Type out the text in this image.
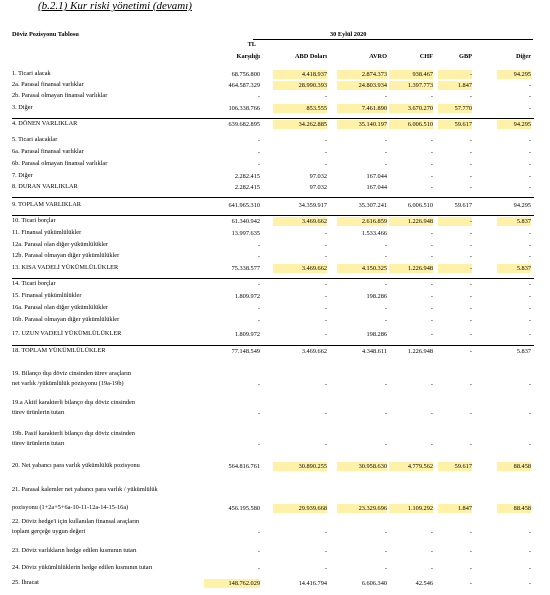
(b.2.1) Kur riski yönetimi (devamı)
Döviz Pozisyonu Tablosu	30 Eylül 2020
TL
Karşılığı	ABD Doları	AVRO	CHF	GBP	Diğer
1. Ticari alacak	68.756.800	4.418.937	2.874.373	938.467	-	94.295
2a. Parasal finansal varlıklar	464.587.329	28.990.393	24.803.934	1.397.773	1.847	-
2b. Parasal olmayan finansal varlıklar	-	-	-	-	-	-
3. Diğer	106.338.766	853.555	7.461.890	3.670.270	57.770	-
4. DÖNEN VARLIKLAR	639.682.895	34.262.885	35.140.197	6.006.510	59.617	94.295
5. Ticari alacaklar	-	-	-	-	-	-
6a. Parasal finansal varlıklar	-	-	-	-	-	-
6b. Parasal olmayan finansal varlıklar	-	-	-	-	-	-
7. Diğer	2.282.415	97.032	167.044	-	-	-
8. DURAN VARLIKLAR	2.282.415	97.032	167.044	-	-	-
9. TOPLAM VARLIKLAR	641.965.310	34.359.917	35.307.241	6.006.510	59.617	94.295
10. Ticari borçlar	61.340.942	3.469.662	2.616.859	1.226.948	-	5.837
11. Finansal yükümlülükler	13.997.635	-	1.533.466	-	-	-
12a. Parasal olan diğer yükümlülükler	-	-	-	-	-	-
12b. Parasal olmayan diğer yükümlülükler	-	-	-	-	-	-
13. KISA VADELİ YÜKÜMLÜLÜKLER	75.338.577	3.469.662	4.150.325	1.226.948	-	5.837
14. Ticari borçlar	-	-	-	-	-	-
15. Finansal yükümlülükler	1.809.972	-	198.286	-	-	-
16a. Parasal olan diğer yükümlülükler	-	-	-	-	-	-
16b. Parasal olmayan diğer yükümlülükler	-	-	-	-	-	-
17. UZUN VADELİ YÜKÜMLÜLÜKLER	1.809.972	-	198.286	-	-	-
18. TOPLAM YÜKÜMLÜLÜKLER	77.148.549	3.469.662	4.348.611	1.226.948	-	5.837
19. Bilanço dışı döviz cinsinden türev araçların
net varlık /yükümlülük pozisyonu (19a-19b)	-	-	-	-	-	-
19.a Aktif karakterli bilanço dışı döviz cinsinden
türev ürünlerin tutarı	-	-	-	-	-	-
19b. Pasif karakterli bilanço dışı döviz cinsinden
türev ürünlerin tutarı	-	-	-	-	-	-
20. Net yabancı para varlık yükümlülük pozisyonu	564.816.761	30.890.255	30.958.630	4.779.562	59.617	88.458
21. Parasal kalemler net yabancı para varlık / yükümlülük
pozisyonu (1+2a+5+6a-10-11-12a-14-15-16a)	456.195.580	29.939.668	23.329.696	1.109.292	1.847	88.458
22. Döviz hedge'i için kullanılan finansal araçların
toplam gerçeğe uygun değeri	-	-	-	-	-	-
23. Döviz varlıkların hedge edilen kısmının tutarı	-	-	-	-	-	-
24. Döviz yükümlülüklerin hedge edilen kısmının tutarı	-	-	-	-	-	-
25. İhracat	148.762.029	14.416.794	6.606.340	42.546	-	-
